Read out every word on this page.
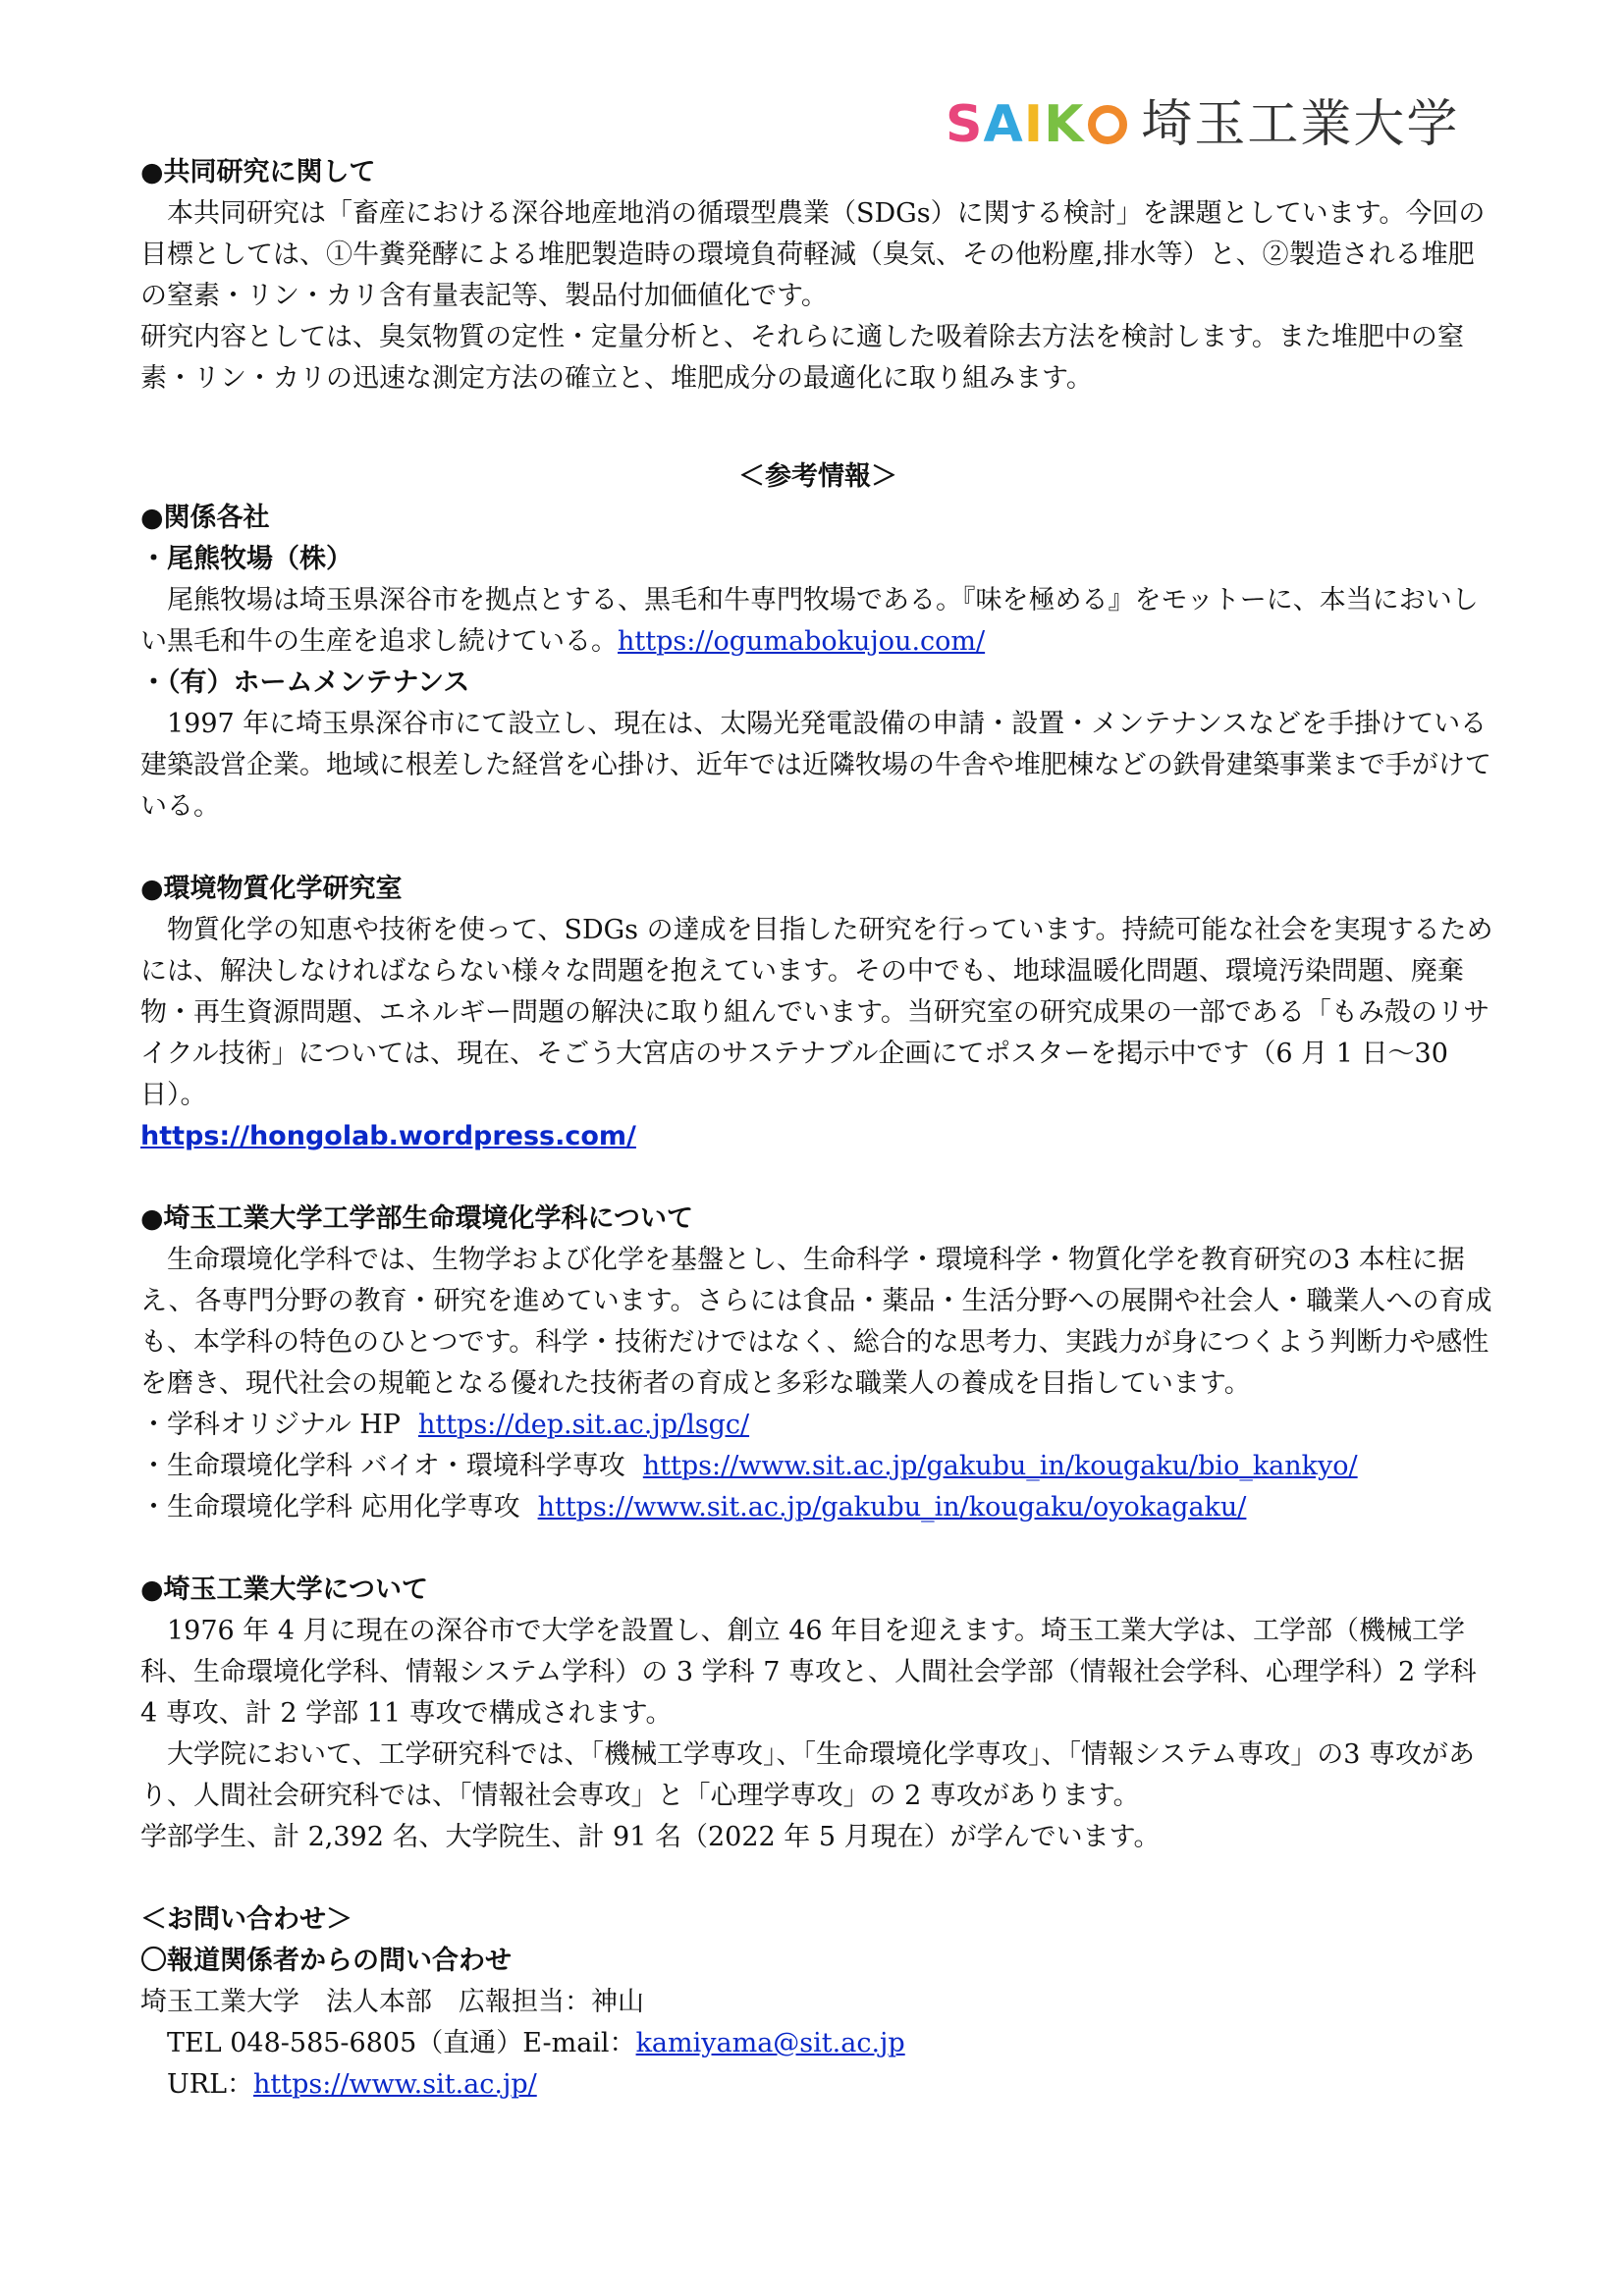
S A I K 埼玉工業大学

●共同研究に関して

本共同研究は「畜産における深谷地産地消の循環型農業（SDGs）に関する検討」を課題としています。今回の目標としては、①牛糞発酵による堆肥製造時の環境負荷軽減（臭気、その他粉塵,排水等）と、②製造される堆肥の窒素・リン・カリ含有量表記等、製品付加価値化です。

研究内容としては、臭気物質の定性・定量分析と、それらに適した吸着除去方法を検討します。また堆肥中の窒素・リン・カリの迅速な測定方法の確立と、堆肥成分の最適化に取り組みます。

＜参考情報＞

●関係各社

・尾熊牧場（株）

尾熊牧場は埼玉県深谷市を拠点とする、黒毛和牛専門牧場である。『味を極める』をモットーに、本当においしい黒毛和牛の生産を追求し続けている。https://ogumabokujou.com/

・（有）ホームメンテナンス

1997 年に埼玉県深谷市にて設立し、現在は、太陽光発電設備の申請・設置・メンテナンスなどを手掛けている建築設営企業。地域に根差した経営を心掛け、近年では近隣牧場の牛舎や堆肥棟などの鉄骨建築事業まで手がけている。

●環境物質化学研究室

物質化学の知恵や技術を使って、SDGs の達成を目指した研究を行っています。持続可能な社会を実現するためには、解決しなければならない様々な問題を抱えています。その中でも、地球温暖化問題、環境汚染問題、廃棄物・再生資源問題、エネルギー問題の解決に取り組んでいます。当研究室の研究成果の一部である「もみ殻のリサイクル技術」については、現在、そごう大宮店のサステナブル企画にてポスターを掲示中です（6 月 1 日～30 日）。

https://hongolab.wordpress.com/

●埼玉工業大学工学部生命環境化学科について

生命環境化学科では、生物学および化学を基盤とし、生命科学・環境科学・物質化学を教育研究の3 本柱に据え、各専門分野の教育・研究を進めています。さらには食品・薬品・生活分野への展開や社会人・職業人への育成も、本学科の特色のひとつです。科学・技術だけではなく、総合的な思考力、実践力が身につくよう判断力や感性を磨き、現代社会の規範となる優れた技術者の育成と多彩な職業人の養成を目指しています。

・学科オリジナル HP https://dep.sit.ac.jp/lsgc/

・生命環境化学科 バイオ・環境科学専攻 https://www.sit.ac.jp/gakubu_in/kougaku/bio_kankyo/

・生命環境化学科 応用化学専攻 https://www.sit.ac.jp/gakubu_in/kougaku/oyokagaku/

●埼玉工業大学について

1976 年 4 月に現在の深谷市で大学を設置し、創立 46 年目を迎えます。埼玉工業大学は、工学部（機械工学科、生命環境化学科、情報システム学科）の 3 学科 7 専攻と、人間社会学部（情報社会学科、心理学科）2 学科 4 専攻、計 2 学部 11 専攻で構成されます。

大学院において、工学研究科では、「機械工学専攻」、「生命環境化学専攻」、「情報システム専攻」の3 専攻があり、人間社会研究科では、「情報社会専攻」と「心理学専攻」の 2 専攻があります。

学部学生、計 2,392 名、大学院生、計 91 名（2022 年 5 月現在）が学んでいます。

＜お問い合わせ＞

〇報道関係者からの問い合わせ

埼玉工業大学　法人本部　広報担当：神山

TEL 048-585-6805（直通）E-mail：kamiyama@sit.ac.jp

URL：https://www.sit.ac.jp/
